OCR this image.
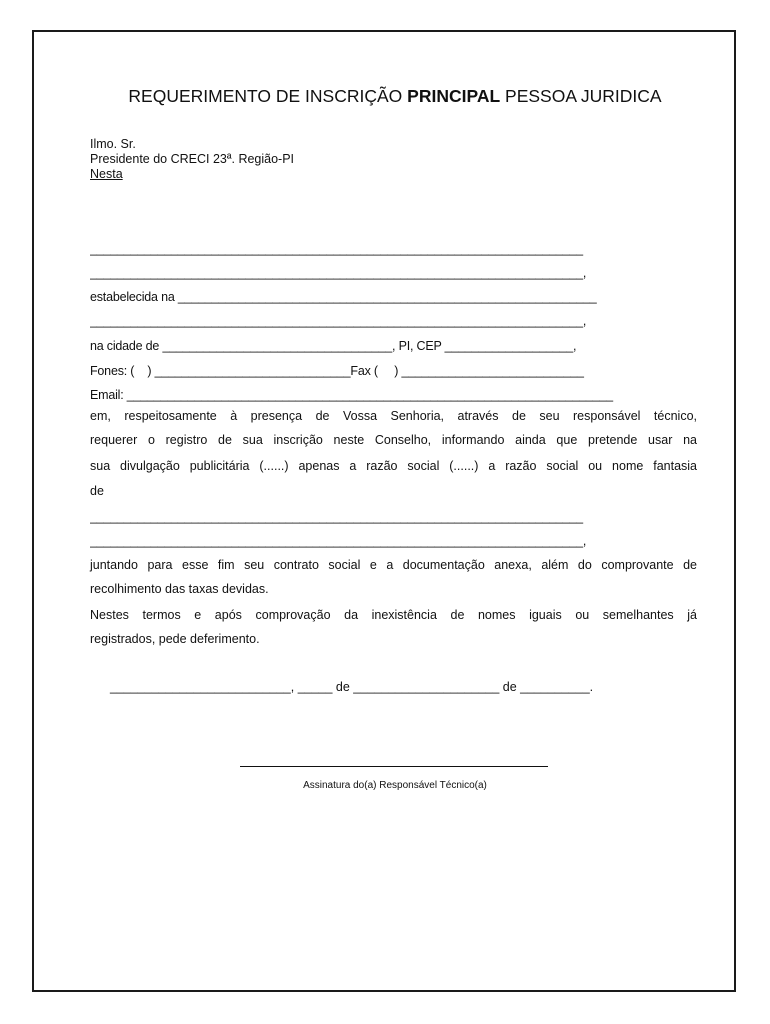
REQUERIMENTO DE INSCRIÇÃO PRINCIPAL PESSOA JURIDICA
Ilmo. Sr.
Presidente do CRECI 23ª. Região-PI
Nesta
_________________________________________________________________________
_________________________________________________________________________,
estabelecida na ______________________________________________________________
_________________________________________________________________________,
na cidade de __________________________________, PI, CEP ___________________,
Fones: (    ) _____________________________Fax (     ) ___________________________
Email: ________________________________________________________________________
em, respeitosamente à presença de Vossa Senhoria, através de seu responsável técnico,
requerer o registro de sua inscrição neste Conselho, informando ainda que pretende usar na
sua divulgação publicitária (......) apenas a razão social (......) a razão social ou nome fantasia
de
_________________________________________________________________________
_________________________________________________________________________,
juntando para esse fim seu contrato social e a documentação anexa, além do comprovante de
recolhimento das taxas devidas.
Nestes termos e após comprovação da inexistência de nomes iguais ou semelhantes já
registrados, pede deferimento.
__________________________, _____ de _____________________ de __________.
Assinatura do(a) Responsável Técnico(a)
